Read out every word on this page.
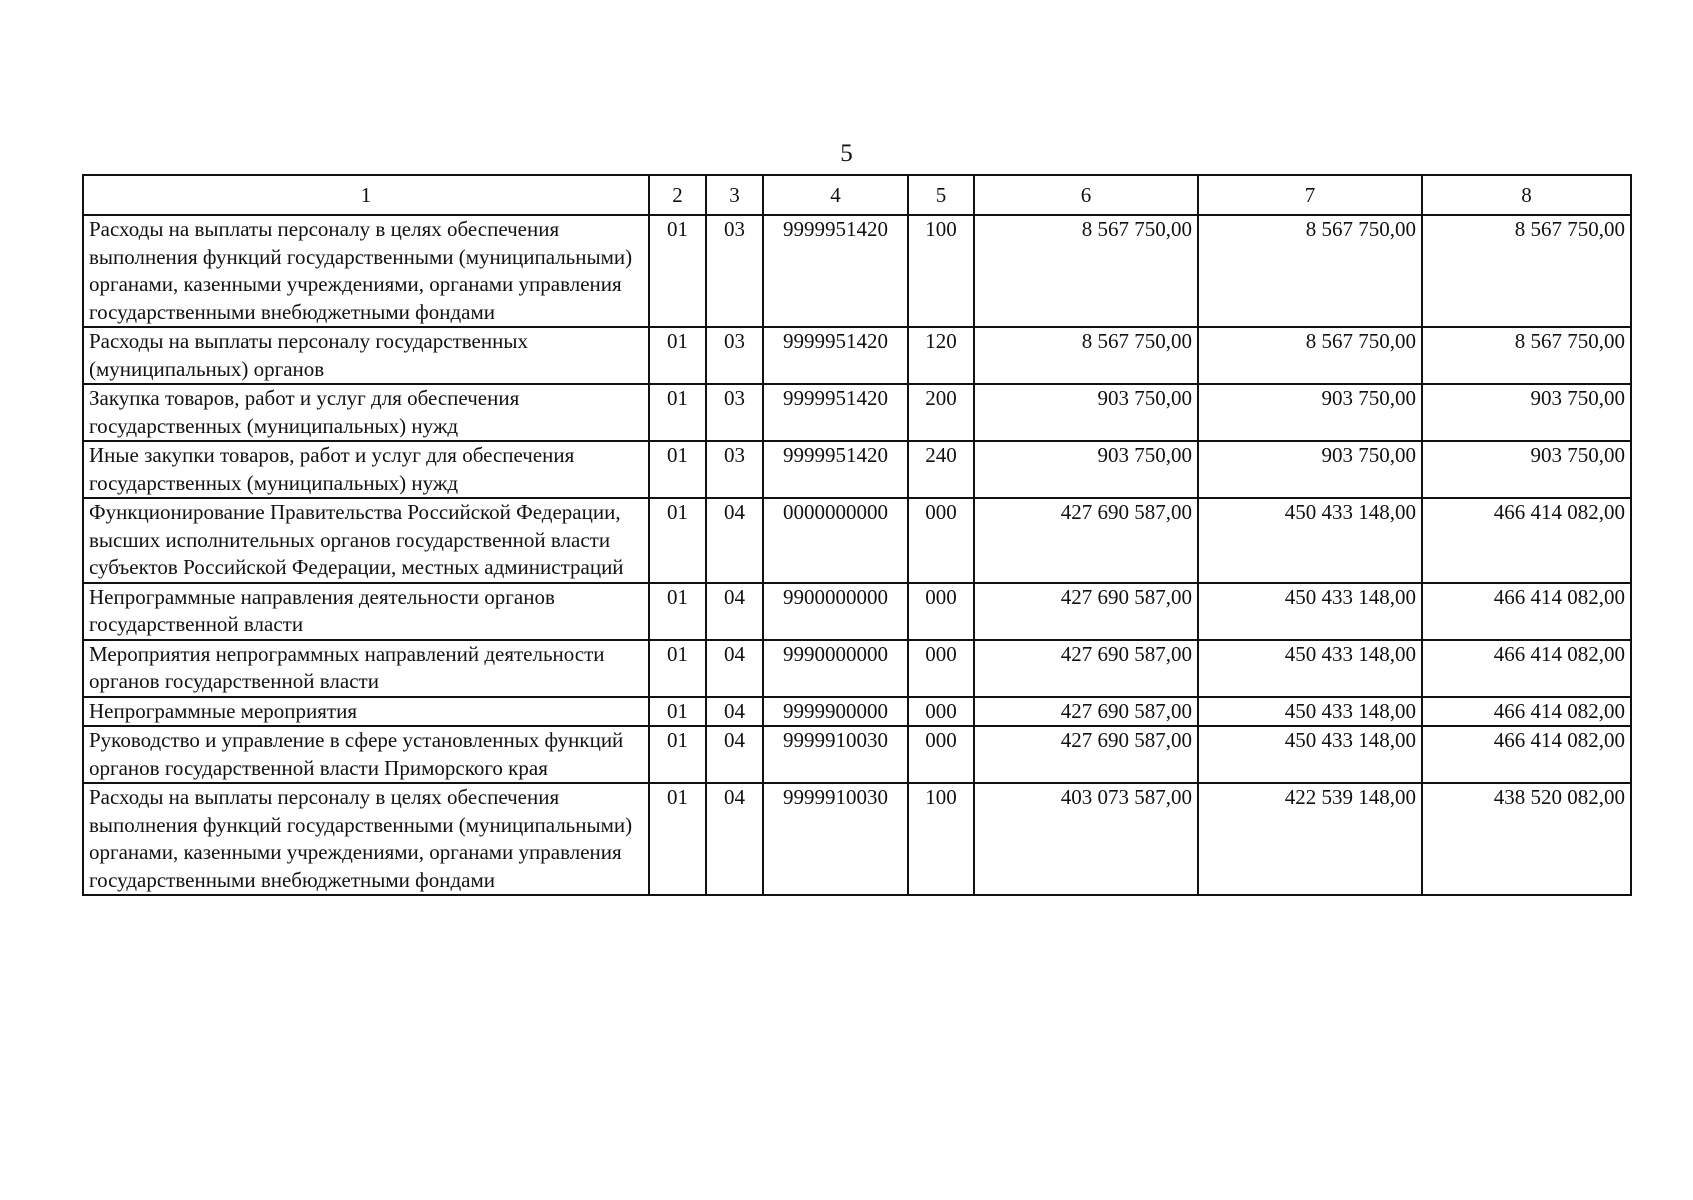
5
1	2	3	4	5	6	7	8
Расходы на выплаты персоналу в целях обеспечения выполнения функций государственными (муниципальными) органами, казенными учреждениями, органами управления государственными внебюджетными фондами	01	03	9999951420	100	8 567 750,00	8 567 750,00	8 567 750,00
Расходы на выплаты персоналу государственных (муниципальных) органов	01	03	9999951420	120	8 567 750,00	8 567 750,00	8 567 750,00
Закупка товаров, работ и услуг для обеспечения государственных (муниципальных) нужд	01	03	9999951420	200	903 750,00	903 750,00	903 750,00
Иные закупки товаров, работ и услуг для обеспечения государственных (муниципальных) нужд	01	03	9999951420	240	903 750,00	903 750,00	903 750,00
Функционирование Правительства Российской Федерации, высших исполнительных органов государственной власти субъектов Российской Федерации, местных администраций	01	04	0000000000	000	427 690 587,00	450 433 148,00	466 414 082,00
Непрограммные направления деятельности органов государственной власти	01	04	9900000000	000	427 690 587,00	450 433 148,00	466 414 082,00
Мероприятия непрограммных направлений деятельности органов государственной власти	01	04	9990000000	000	427 690 587,00	450 433 148,00	466 414 082,00
Непрограммные мероприятия	01	04	9999900000	000	427 690 587,00	450 433 148,00	466 414 082,00
Руководство и управление в сфере установленных функций органов государственной власти Приморского края	01	04	9999910030	000	427 690 587,00	450 433 148,00	466 414 082,00
Расходы на выплаты персоналу в целях обеспечения выполнения функций государственными (муниципальными) органами, казенными учреждениями, органами управления государственными внебюджетными фондами	01	04	9999910030	100	403 073 587,00	422 539 148,00	438 520 082,00
